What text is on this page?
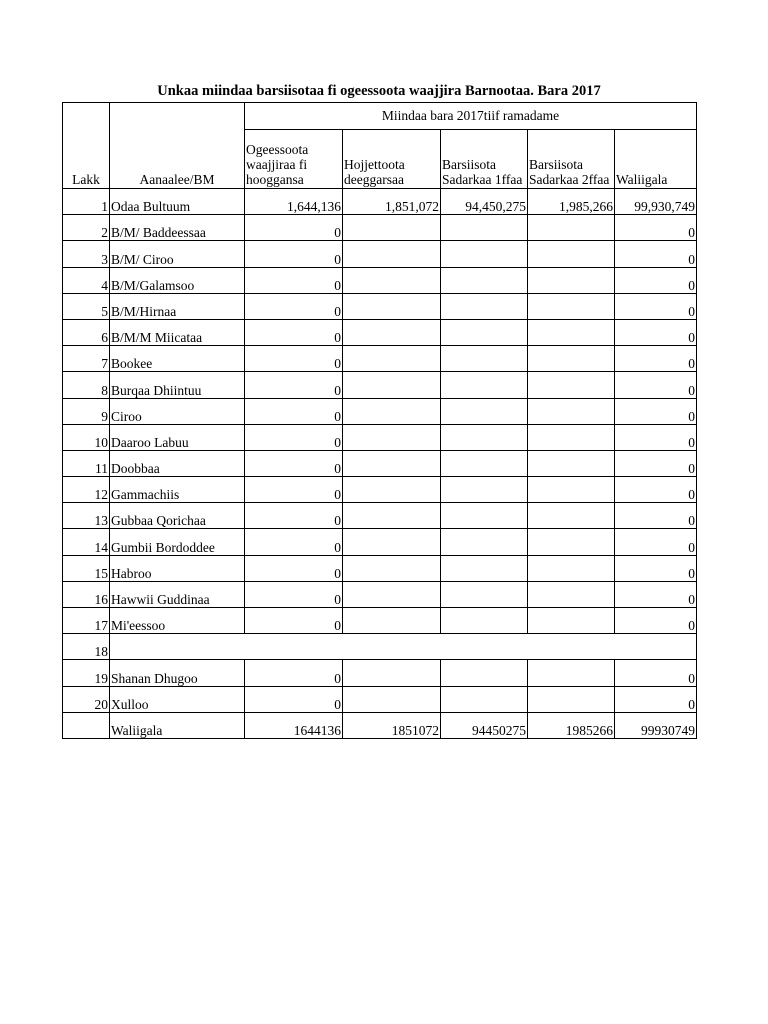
Unkaa miindaa barsiisotaa fi ogeessoota waajjira Barnootaa. Bara 2017
Lakk	Aanaalee/BM	Miindaa bara 2017tiif ramadame				
		Ogeessoota waajjiraa fi hooggansa	Hojjettoota deeggarsaa	Barsiisota Sadarkaa 1ffaa	Barsiisota Sadarkaa 2ffaa	Waliigala
1	Odaa Bultuum	1,644,136	1,851,072	94,450,275	1,985,266	99,930,749
2	B/M/ Baddeessaa	0				0
3	B/M/ Ciroo	0				0
4	B/M/Galamsoo	0				0
5	B/M/Hirnaa	0				0
6	B/M/M Miicataa	0				0
7	Bookee	0				0
8	Burqaa Dhiintuu	0				0
9	Ciroo	0				0
10	Daaroo Labuu	0				0
11	Doobbaa	0				0
12	Gammachiis	0				0
13	Gubbaa Qorichaa	0				0
14	Gumbii Bordoddee	0				0
15	Habroo	0				0
16	Hawwii Guddinaa	0				0
17	Mi'eessoo	0				0
18						
19	Shanan Dhugoo	0				0
20	Xulloo	0				0
	Waliigala	1644136	1851072	94450275	1985266	99930749
